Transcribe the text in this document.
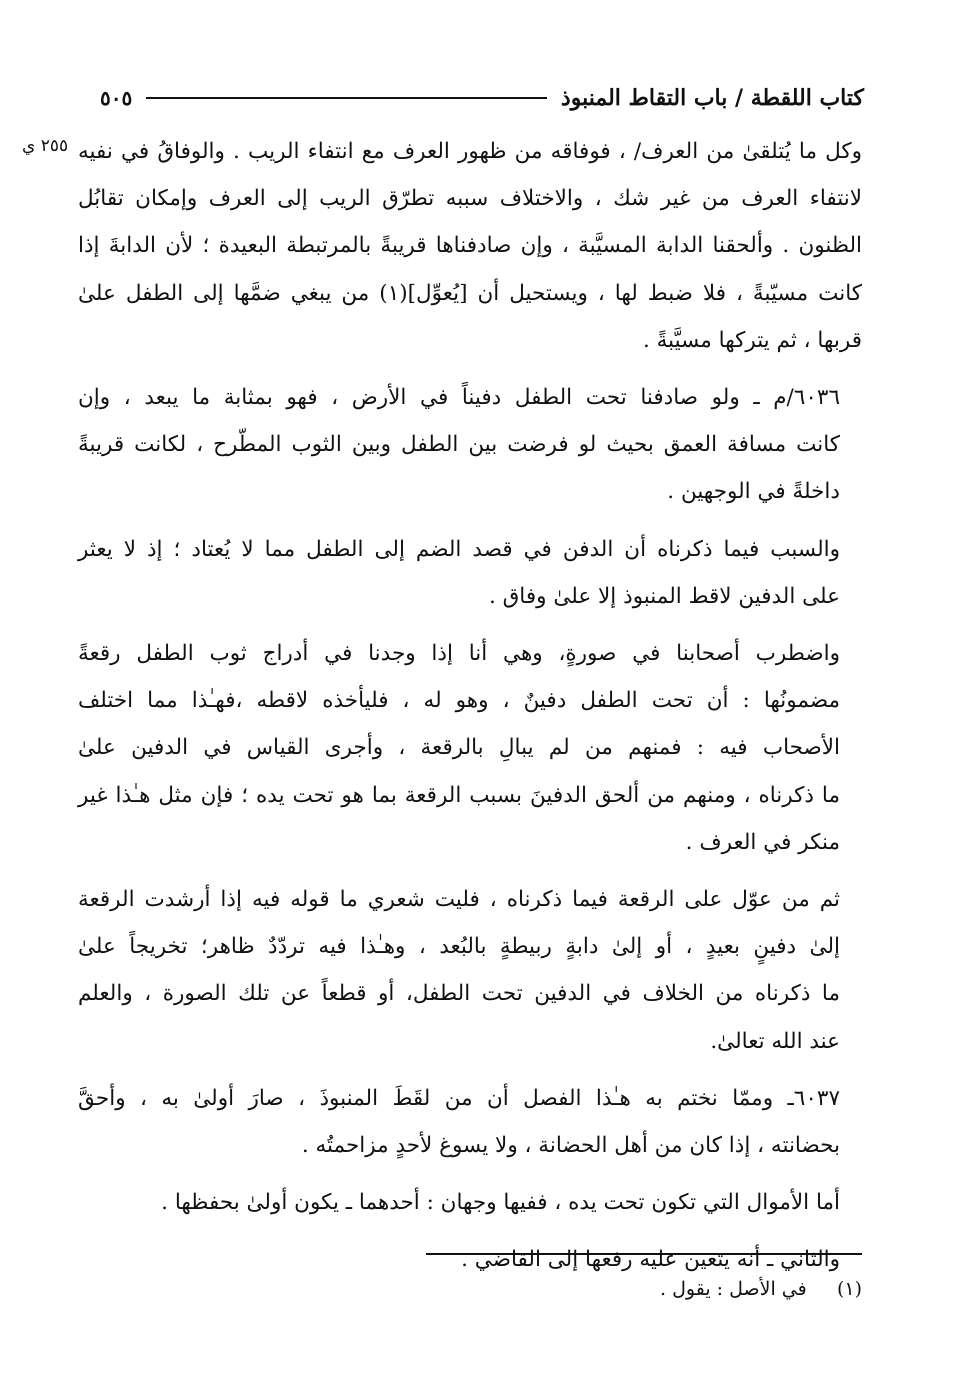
كتاب اللقطة / باب التقاط المنبوذ
٥٠٥
٢٥٥ ي وكل ما يُتلقىٰ من العرف/ ، فوفاقه من ظهور العرف مع انتفاء الريب . والوفاقُ في نفيه
لانتفاء العرف من غير شك ، والاختلاف سببه تطرّق الريب إلى العرف وإمكان تقابُل
الظنون . وألحقنا الدابة المسيَّبة ، وإن صادفناها قريبةً بالمرتبطة البعيدة ؛ لأن الدابةَ إذا
كانت مسيّبةً ، فلا ضبط لها ، ويستحيل أن [يُعوِّل](١) من يبغي ضمَّها إلى الطفل علىٰ
قربها ، ثم يتركها مسيَّبةً .

٦٠٣٦/م ـ ولو صادفنا تحت الطفل دفيناً في الأرض ، فهو بمثابة ما يبعد ، وإن
كانت مسافة العمق بحيث لو فرضت بين الطفل وبين الثوب المطّرح ، لكانت قريبةً
داخلةً في الوجهين .

والسبب فيما ذكرناه أن الدفن في قصد الضم إلى الطفل مما لا يُعتاد ؛ إذ لا يعثر
على الدفين لاقط المنبوذ إلا علىٰ وفاق .

واضطرب أصحابنا في صورةٍ، وهي أنا إذا وجدنا في أدراج ثوب الطفل رقعةً
مضمونُها : أن تحت الطفل دفينٌ ، وهو له ، فليأخذه لاقطه ،فهـٰذا مما اختلف
الأصحاب فيه : فمنهم من لم يبالِ بالرقعة ، وأجرى القياس في الدفين علىٰ
ما ذكرناه ، ومنهم من ألحق الدفينَ بسبب الرقعة بما هو تحت يده ؛ فإن مثل هـٰذا غير
منكر في العرف .

ثم من عوّل على الرقعة فيما ذكرناه ، فليت شعري ما قوله فيه إذا أرشدت الرقعة
إلىٰ دفينٍ بعيدٍ ، أو إلىٰ دابةٍ ربيطةٍ بالبُعد ، وهـٰذا فيه تردّدٌ ظاهر؛ تخريجاً علىٰ
ما ذكرناه من الخلاف في الدفين تحت الطفل، أو قطعاً عن تلك الصورة ، والعلم
عند الله تعالىٰ.

٦٠٣٧ـ وممّا نختم به هـٰذا الفصل أن من لقَطَ المنبوذَ ، صارَ أولىٰ به ، وأحقَّ
بحضانته ، إذا كان من أهل الحضانة ، ولا يسوغ لأحدٍ مزاحمتُه .

أما الأموال التي تكون تحت يده ، ففيها وجهان : أحدهما ـ يكون أولىٰ بحفظها .

والثاني ـ أنه يتعين عليه رفعها إلى القاضي .

(١)     في الأصل : يقول .
